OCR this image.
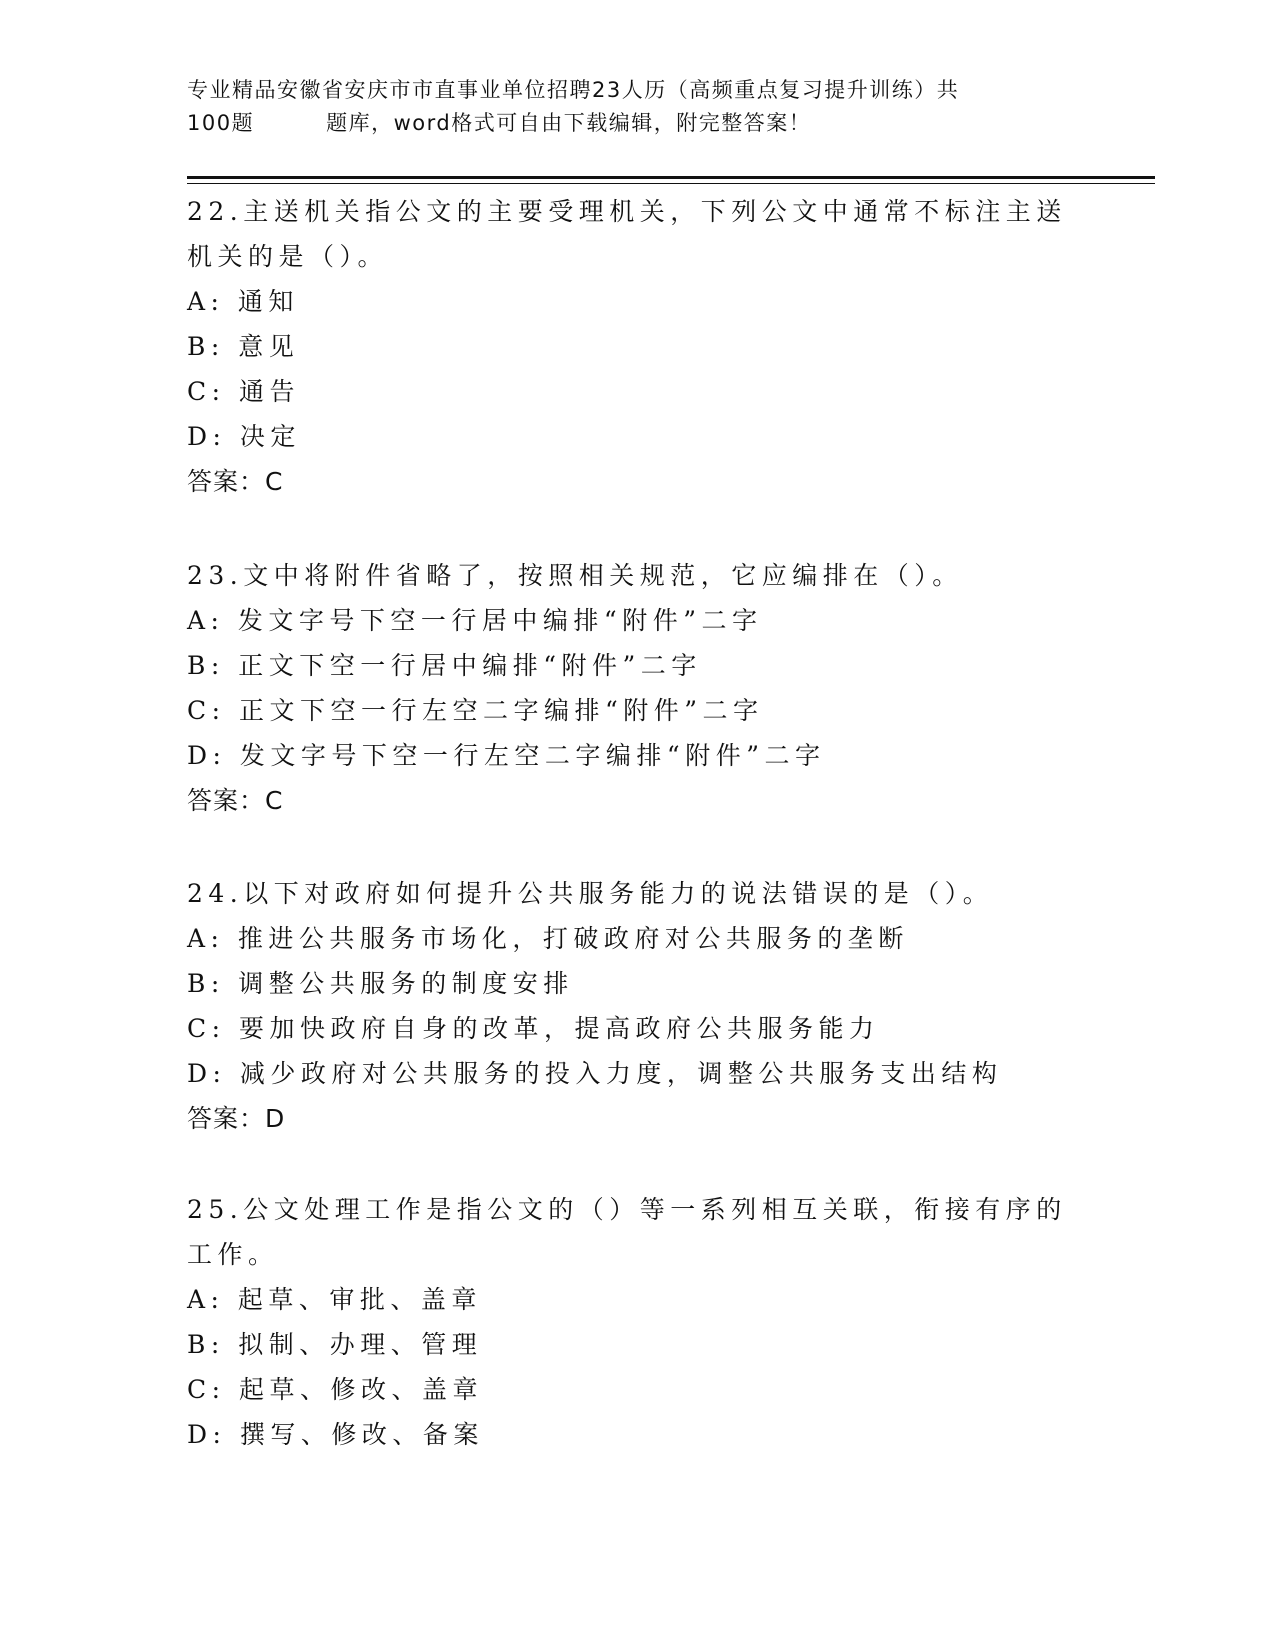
专业精品安徽省安庆市市直事业单位招聘23人历（高频重点复习提升训练）共
100题	题库，word格式可自由下载编辑，附完整答案！
22.主送机关指公文的主要受理机关，下列公文中通常不标注主送机关的是（）。
A: 通知
B: 意见
C: 通告
D: 决定
答案：C
23.文中将附件省略了，按照相关规范，它应编排在（）。
A: 发文字号下空一行居中编排“附件”二字
B: 正文下空一行居中编排“附件”二字
C: 正文下空一行左空二字编排“附件”二字
D: 发文字号下空一行左空二字编排“附件”二字
答案：C
24.以下对政府如何提升公共服务能力的说法错误的是（）。
A: 推进公共服务市场化，打破政府对公共服务的垄断
B: 调整公共服务的制度安排
C: 要加快政府自身的改革，提高政府公共服务能力
D: 减少政府对公共服务的投入力度，调整公共服务支出结构
答案：D
25.公文处理工作是指公文的（）等一系列相互关联，衔接有序的工作。
A: 起草、审批、盖章
B: 拟制、办理、管理
C: 起草、修改、盖章
D: 撰写、修改、备案
